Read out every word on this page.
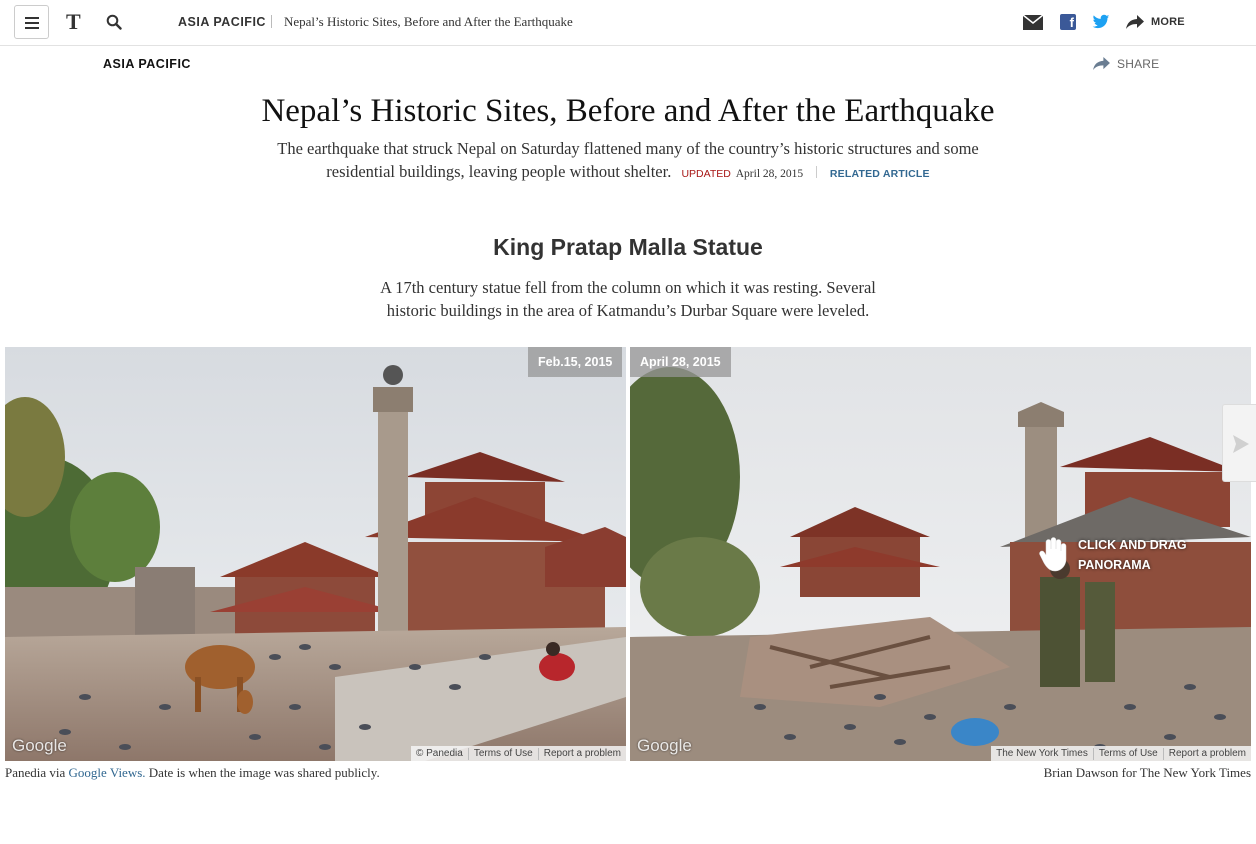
T	ASIA PACIFIC Nepal’s Historic Sites, Before and After the Earthquake	f	MORE
ASIA PACIFIC	SHARE
Nepal’s Historic Sites, Before and After the Earthquake

The earthquake that struck Nepal on Saturday flattened many of the country’s historic structures and some residential buildings, leaving people without shelter. UPDATED April 28, 2015	RELATED ARTICLE

King Pratap Malla Statue

A 17th century statue fell from the column on which it was resting. Several historic buildings in the area of Katmandu’s Durbar Square were leveled.

Feb.15, 2015
Google	© Panedia	Terms of Use	Report a problem
April 28, 2015
CLICK AND DRAG
PANORAMA
Google	The New York Times	Terms of Use	Report a problem
Panedia via Google Views. Date is when the image was shared publicly.	Brian Dawson for The New York Times
